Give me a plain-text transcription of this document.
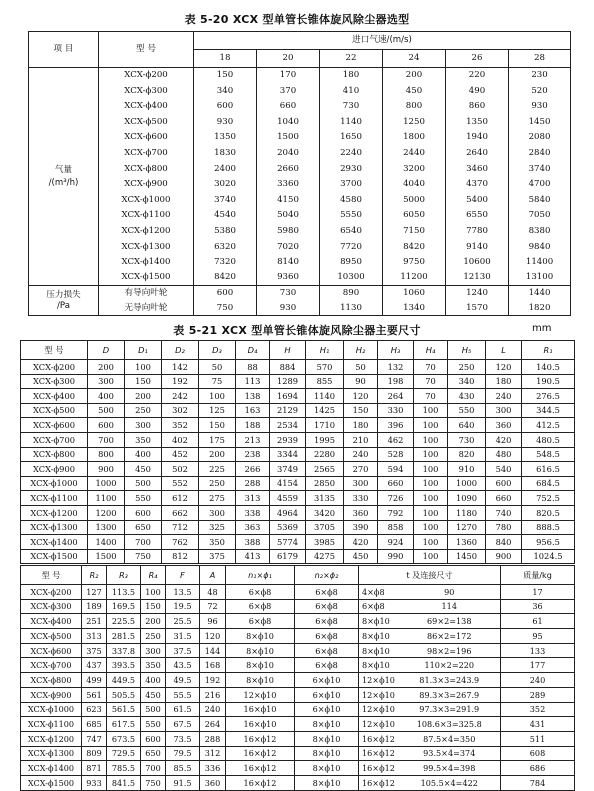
表 5-20 XCX 型单管长锥体旋风除尘器选型
项 目	型 号	进口气速/(m/s)					
		18	20	22	24	26	28

气量
/(m³/h)	XCX-ϕ200	150	170	180	200	220	230
	XCX-ϕ300	340	370	410	450	490	520
	XCX-ϕ400	600	660	730	800	860	930
	XCX-ϕ500	930	1040	1140	1250	1350	1450
	XCX-ϕ600	1350	1500	1650	1800	1940	2080
	XCX-ϕ700	1830	2040	2240	2440	2640	2840
	XCX-ϕ800	2400	2660	2930	3200	3460	3740
	XCX-ϕ900	3020	3360	3700	4040	4370	4700
	XCX-ϕ1000	3740	4150	4580	5000	5400	5840
	XCX-ϕ1100	4540	5040	5550	6050	6550	7050
	XCX-ϕ1200	5380	5980	6540	7150	7780	8380
	XCX-ϕ1300	6320	7020	7720	8420	9140	9840
	XCX-ϕ1400	7320	8140	8950	9750	10600	11400
	XCX-ϕ1500	8420	9360	10300	11200	12130	13100

压力损失
/Pa	有导向叶轮	600	730	890	1060	1240	1440
	无导向叶轮	750	930	1130	1340	1570	1820
表 5-21 XCX 型单管长锥体旋风除尘器主要尺寸	mm
型 号	D	D₁	D₂	D₃	D₄	H	H₁	H₂	H₃	H₄	H₅	L	R₁
XCX-ϕ200	200	100	142	50	88	884	570	50	132	70	250	120	140.5
XCX-ϕ300	300	150	192	75	113	1289	855	90	198	70	340	180	190.5
XCX-ϕ400	400	200	242	100	138	1694	1140	120	264	70	430	240	276.5
XCX-ϕ500	500	250	302	125	163	2129	1425	150	330	100	550	300	344.5
XCX-ϕ600	600	300	352	150	188	2534	1710	180	396	100	640	360	412.5
XCX-ϕ700	700	350	402	175	213	2939	1995	210	462	100	730	420	480.5
XCX-ϕ800	800	400	452	200	238	3344	2280	240	528	100	820	480	548.5
XCX-ϕ900	900	450	502	225	266	3749	2565	270	594	100	910	540	616.5
XCX-ϕ1000	1000	500	552	250	288	4154	2850	300	660	100	1000	600	684.5
XCX-ϕ1100	1100	550	612	275	313	4559	3135	330	726	100	1090	660	752.5
XCX-ϕ1200	1200	600	662	300	338	4964	3420	360	792	100	1180	740	820.5
XCX-ϕ1300	1300	650	712	325	363	5369	3705	390	858	100	1270	780	888.5
XCX-ϕ1400	1400	700	762	350	388	5774	3985	420	924	100	1360	840	956.5
XCX-ϕ1500	1500	750	812	375	413	6179	4275	450	990	100	1450	900	1024.5
型 号	R₂	R₃	R₄	F	A	n₁×ϕ₁	n₂×ϕ₂	t 及连接尺寸		质量/kg
XCX-ϕ200	127	113.5	100	13.5	48	6×ϕ8	6×ϕ8	4×ϕ8	90	17
XCX-ϕ300	189	169.5	150	19.5	72	6×ϕ8	6×ϕ8	6×ϕ8	114	36
XCX-ϕ400	251	225.5	200	25.5	96	6×ϕ8	6×ϕ8	8×ϕ10	69×2=138	61
XCX-ϕ500	313	281.5	250	31.5	120	8×ϕ10	6×ϕ8	8×ϕ10	86×2=172	95
XCX-ϕ600	375	337.8	300	37.5	144	8×ϕ10	6×ϕ8	8×ϕ10	98×2=196	133
XCX-ϕ700	437	393.5	350	43.5	168	8×ϕ10	6×ϕ8	8×ϕ10	110×2=220	177
XCX-ϕ800	499	449.5	400	49.5	192	8×ϕ10	6×ϕ10	12×ϕ10	81.3×3=243.9	240
XCX-ϕ900	561	505.5	450	55.5	216	12×ϕ10	6×ϕ10	12×ϕ10	89.3×3=267.9	289
XCX-ϕ1000	623	561.5	500	61.5	240	16×ϕ10	6×ϕ10	12×ϕ10	97.3×3=291.9	352
XCX-ϕ1100	685	617.5	550	67.5	264	16×ϕ10	8×ϕ10	12×ϕ10	108.6×3=325.8	431
XCX-ϕ1200	747	673.5	600	73.5	288	16×ϕ12	8×ϕ10	16×ϕ12	87.5×4=350	511
XCX-ϕ1300	809	729.5	650	79.5	312	16×ϕ12	8×ϕ10	16×ϕ12	93.5×4=374	608
XCX-ϕ1400	871	785.5	700	85.5	336	16×ϕ12	8×ϕ10	16×ϕ12	99.5×4=398	686
XCX-ϕ1500	933	841.5	750	91.5	360	16×ϕ12	8×ϕ10	16×ϕ12	105.5×4=422	784
